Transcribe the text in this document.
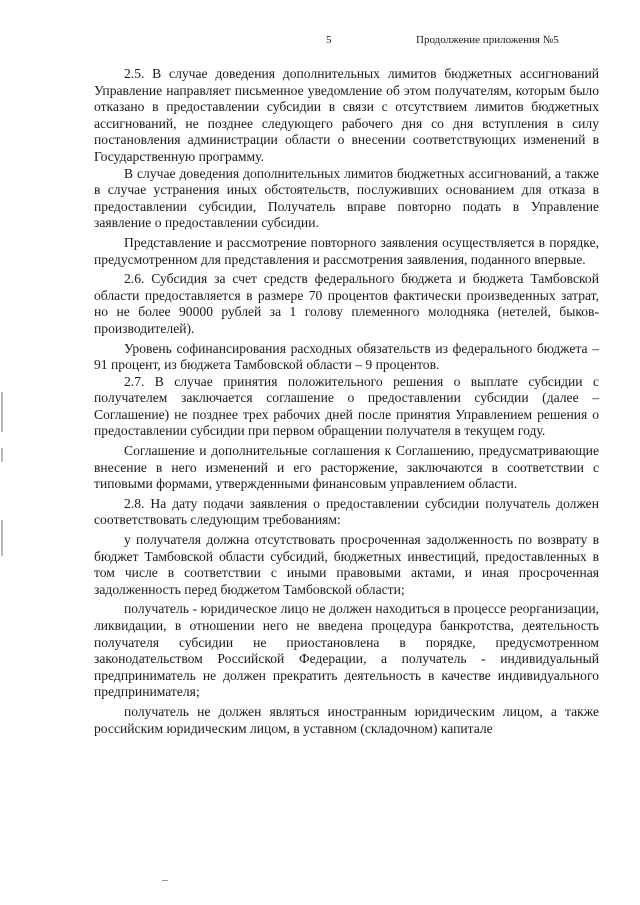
5	Продолжение приложения №5

2.5. В случае доведения дополнительных лимитов бюджетных ассигнований Управление направляет письменное уведомление об этом получателям, которым было отказано в предоставлении субсидии в связи с отсутствием лимитов бюджетных ассигнований, не позднее следующего рабочего дня со дня вступления в силу постановления администрации области о внесении соответствующих изменений в Государственную программу.

В случае доведения дополнительных лимитов бюджетных ассигнований, а также в случае устранения иных обстоятельств, послуживших основанием для отказа в предоставлении субсидии, Получатель вправе повторно подать в Управление заявление о предоставлении субсидии.

Представление и рассмотрение повторного заявления осуществляется в порядке, предусмотренном для представления и рассмотрения заявления, поданного впервые.

2.6. Субсидия за счет средств федерального бюджета и бюджета Тамбовской области предоставляется в размере 70 процентов фактически произведенных затрат, но не более 90000 рублей за 1 голову племенного молодняка (нетелей, быков-производителей).

Уровень софинансирования расходных обязательств из федерального бюджета – 91 процент, из бюджета Тамбовской области – 9 процентов.

2.7. В случае принятия положительного решения о выплате субсидии с получателем заключается соглашение о предоставлении субсидии (далее – Соглашение) не позднее трех рабочих дней после принятия Управлением решения о предоставлении субсидии при первом обращении получателя в текущем году.

Соглашение и дополнительные соглашения к Соглашению, предусматривающие внесение в него изменений и его расторжение, заключаются в соответствии с типовыми формами, утвержденными финансовым управлением области.

2.8. На дату подачи заявления о предоставлении субсидии получатель должен соответствовать следующим требованиям:

у получателя должна отсутствовать просроченная задолженность по возврату в бюджет Тамбовской области субсидий, бюджетных инвестиций, предоставленных в том числе в соответствии с иными правовыми актами, и иная просроченная задолженность перед бюджетом Тамбовской области;

получатель - юридическое лицо не должен находиться в процессе реорганизации, ликвидации, в отношении него не введена процедура банкротства, деятельность получателя субсидии не приостановлена в порядке, предусмотренном законодательством Российской Федерации, а получатель - индивидуальный предприниматель не должен прекратить деятельность в качестве индивидуального предпринимателя;

получатель не должен являться иностранным юридическим лицом, а также российским юридическим лицом, в уставном (складочном) капитале
